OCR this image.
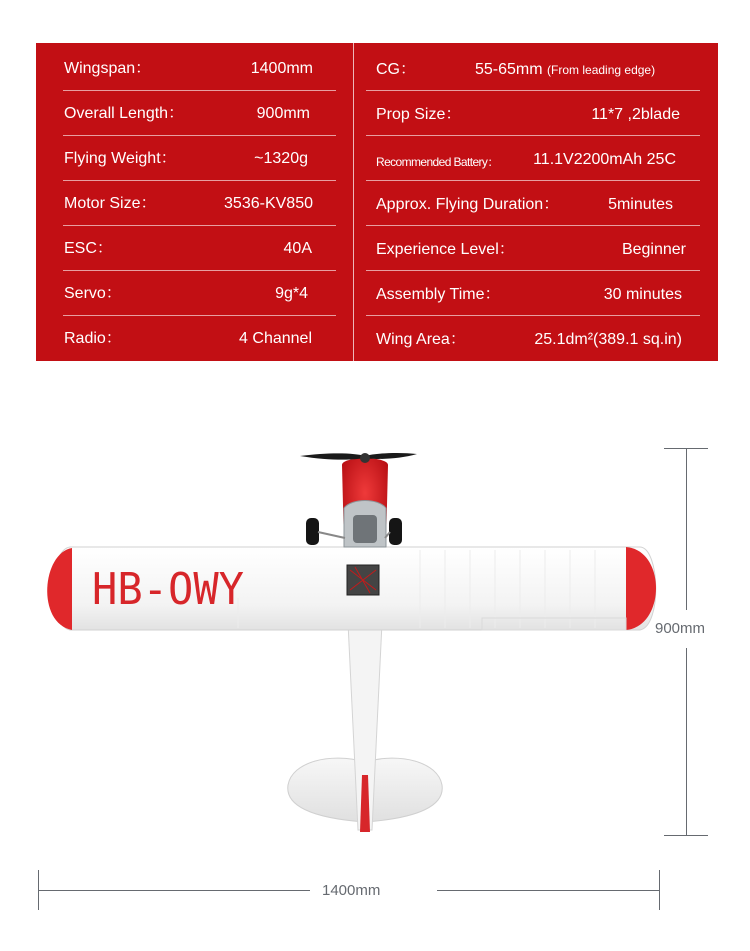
Wingspan：	1400mm
Overall Length：	900mm
Flying Weight：	~1320g
Motor Size：	3536-KV850
ESC：	40A
Servo：	9g*4
Radio：	4 Channel
CG：	55-65mm (From leading edge)
Prop Size：	11*7 ,2blade
Recommended Battery： 11.1V2200mAh 25C
Approx. Flying Duration：	5minutes
Experience Level：	Beginner
Assembly Time：	30 minutes
Wing Area：	25.1dm²(389.1 sq.in)
HB-OWY
900mm
1400mm
